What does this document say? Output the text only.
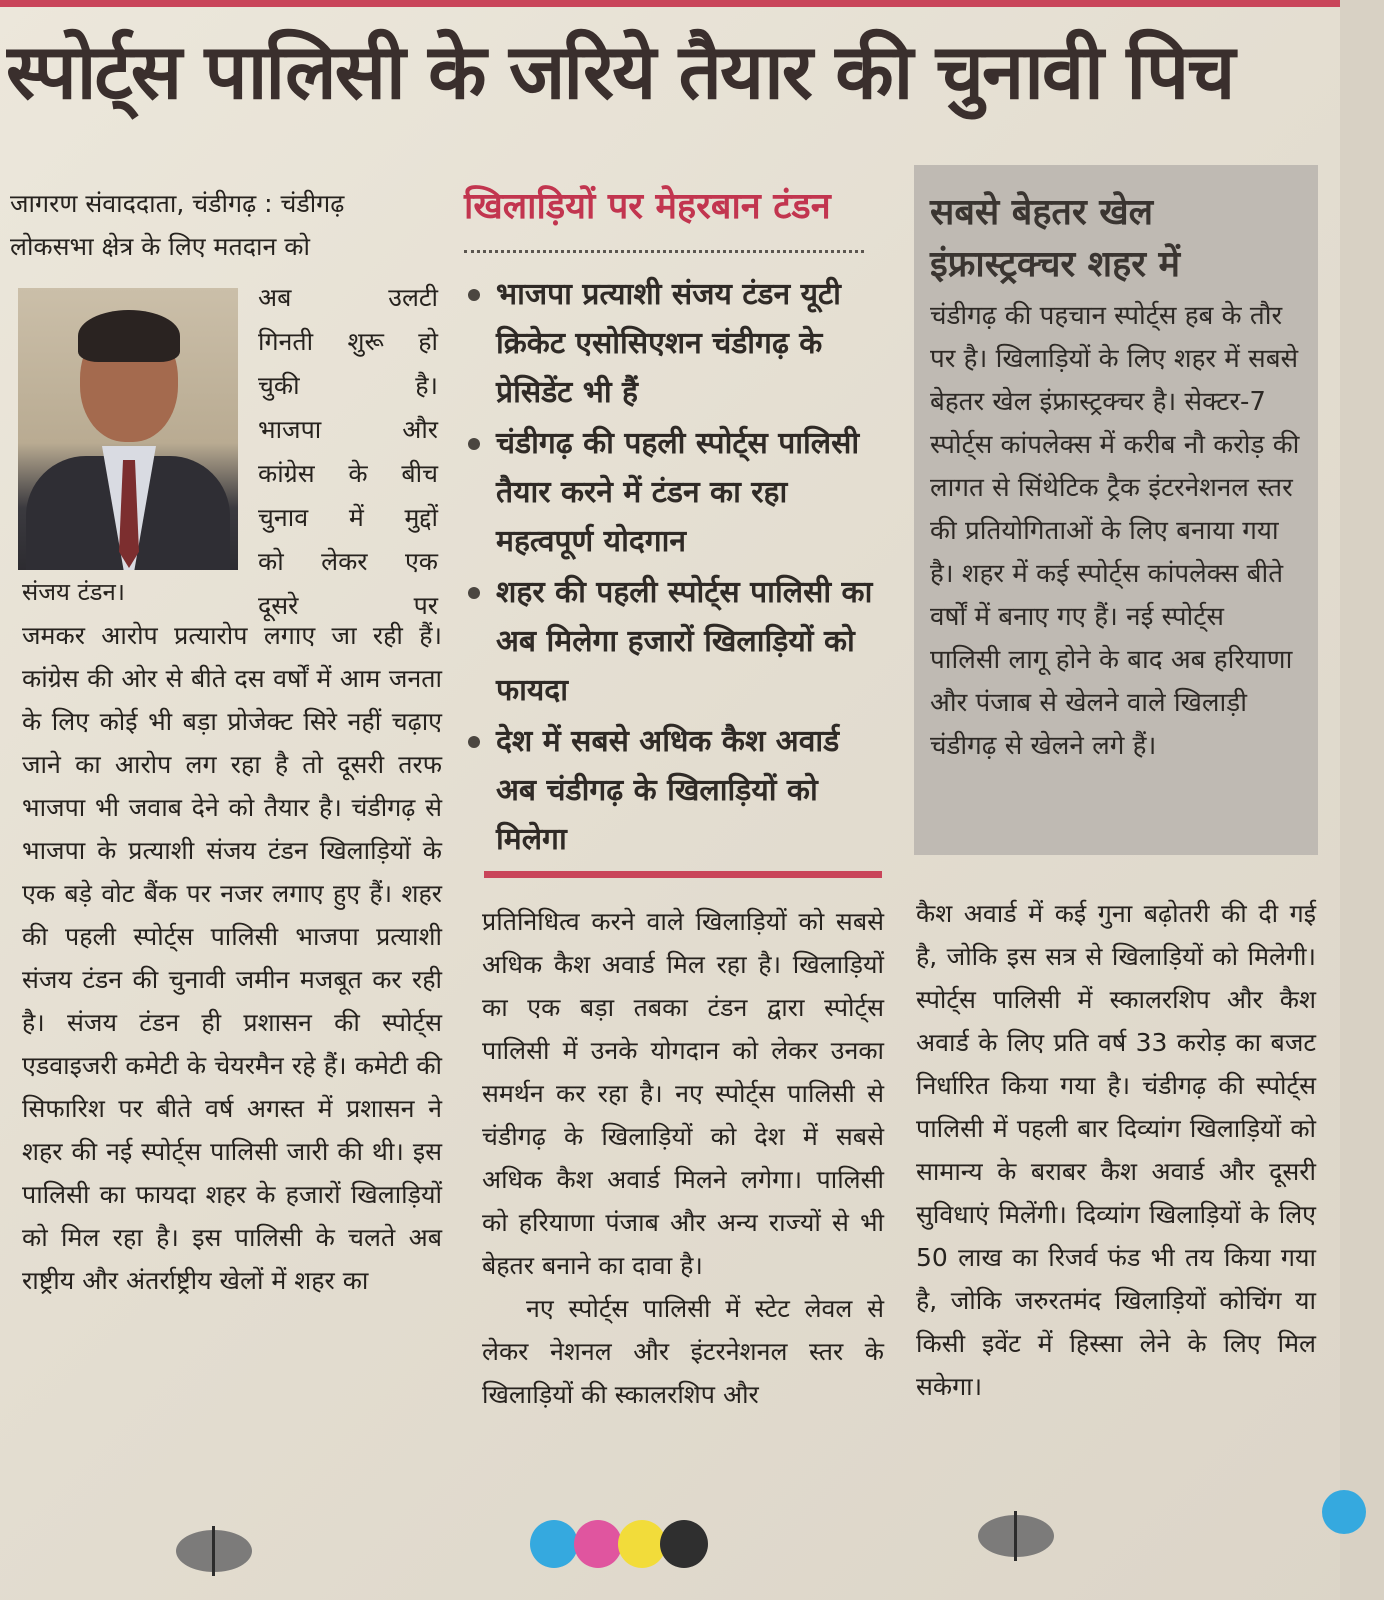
स्पोर्ट्स पालिसी के जरिये तैयार की चुनावी पिच
जागरण संवाददाता, चंडीगढ़ : चंडीगढ़
लोकसभा क्षेत्र के लिए मतदान को
संजय टंडन।
अब उलटी
गिनती शुरू हो
चुकी है।
भाजपा और
कांग्रेस के बीच
चुनाव में मुद्दों
को लेकर एक
दूसरे पर

जमकर आरोप प्रत्यारोप लगाए जा रही हैं। कांग्रेस की ओर से बीते दस वर्षों में आम जनता के लिए कोई भी बड़ा प्रोजेक्ट सिरे नहीं चढ़ाए जाने का आरोप लग रहा है तो दूसरी तरफ भाजपा भी जवाब देने को तैयार है। चंडीगढ़ से भाजपा के प्रत्याशी संजय टंडन खिलाड़ियों के एक बड़े वोट बैंक पर नजर लगाए हुए हैं। शहर की पहली स्पोर्ट्स पालिसी भाजपा प्रत्याशी संजय टंडन की चुनावी जमीन मजबूत कर रही है। संजय टंडन ही प्रशासन की स्पोर्ट्स एडवाइजरी कमेटी के चेयरमैन रहे हैं। कमेटी की सिफारिश पर बीते वर्ष अगस्त में प्रशासन ने शहर की नई स्पोर्ट्स पालिसी जारी की थी। इस पालिसी का फायदा शहर के हजारों खिलाड़ियों को मिल रहा है। इस पालिसी के चलते अब राष्ट्रीय और अंतर्राष्ट्रीय खेलों में शहर का

खिलाड़ियों पर मेहरबान टंडन
भाजपा प्रत्याशी संजय टंडन यूटी क्रिकेट एसोसिएशन चंडीगढ़ के प्रेसिडेंट भी हैं
चंडीगढ़ की पहली स्पोर्ट्स पालिसी तैयार करने में टंडन का रहा महत्वपूर्ण योदगान
शहर की पहली स्पोर्ट्स पालिसी का अब मिलेगा हजारों खिलाड़ियों को फायदा
देश में सबसे अधिक कैश अवार्ड अब चंडीगढ़ के खिलाड़ियों को मिलेगा

प्रतिनिधित्व करने वाले खिलाड़ियों को सबसे अधिक कैश अवार्ड मिल रहा है। खिलाड़ियों का एक बड़ा तबका टंडन द्वारा स्पोर्ट्स पालिसी में उनके योगदान को लेकर उनका समर्थन कर रहा है। नए स्पोर्ट्स पालिसी से चंडीगढ़ के खिलाड़ियों को देश में सबसे अधिक कैश अवार्ड मिलने लगेगा। पालिसी को हरियाणा पंजाब और अन्य राज्यों से भी बेहतर बनाने का दावा है।

नए स्पोर्ट्स पालिसी में स्टेट लेवल से लेकर नेशनल और इंटरनेशनल स्तर के खिलाड़ियों की स्कालरशिप और

सबसे बेहतर खेल इंफ्रास्ट्रक्चर शहर में
चंडीगढ़ की पहचान स्पोर्ट्स हब के तौर पर है। खिलाड़ियों के लिए शहर में सबसे बेहतर खेल इंफ्रास्ट्रक्चर है। सेक्टर-7 स्पोर्ट्स कांपलेक्स में करीब नौ करोड़ की लागत से सिंथेटिक ट्रैक इंटरनेशनल स्तर की प्रतियोगिताओं के लिए बनाया गया है। शहर में कई स्पोर्ट्स कांपलेक्स बीते वर्षों में बनाए गए हैं। नई स्पोर्ट्स पालिसी लागू होने के बाद अब हरियाणा और पंजाब से खेलने वाले खिलाड़ी चंडीगढ़ से खेलने लगे हैं।

कैश अवार्ड में कई गुना बढ़ोतरी की दी गई है, जोकि इस सत्र से खिलाड़ियों को मिलेगी। स्पोर्ट्स पालिसी में स्कालरशिप और कैश अवार्ड के लिए प्रति वर्ष 33 करोड़ का बजट निर्धारित किया गया है। चंडीगढ़ की स्पोर्ट्स पालिसी में पहली बार दिव्यांग खिलाड़ियों को सामान्य के बराबर कैश अवार्ड और दूसरी सुविधाएं मिलेंगी। दिव्यांग खिलाड़ियों के लिए 50 लाख का रिजर्व फंड भी तय किया गया है, जोकि जरुरतमंद खिलाड़ियों कोचिंग या किसी इवेंट में हिस्सा लेने के लिए मिल सकेगा।
